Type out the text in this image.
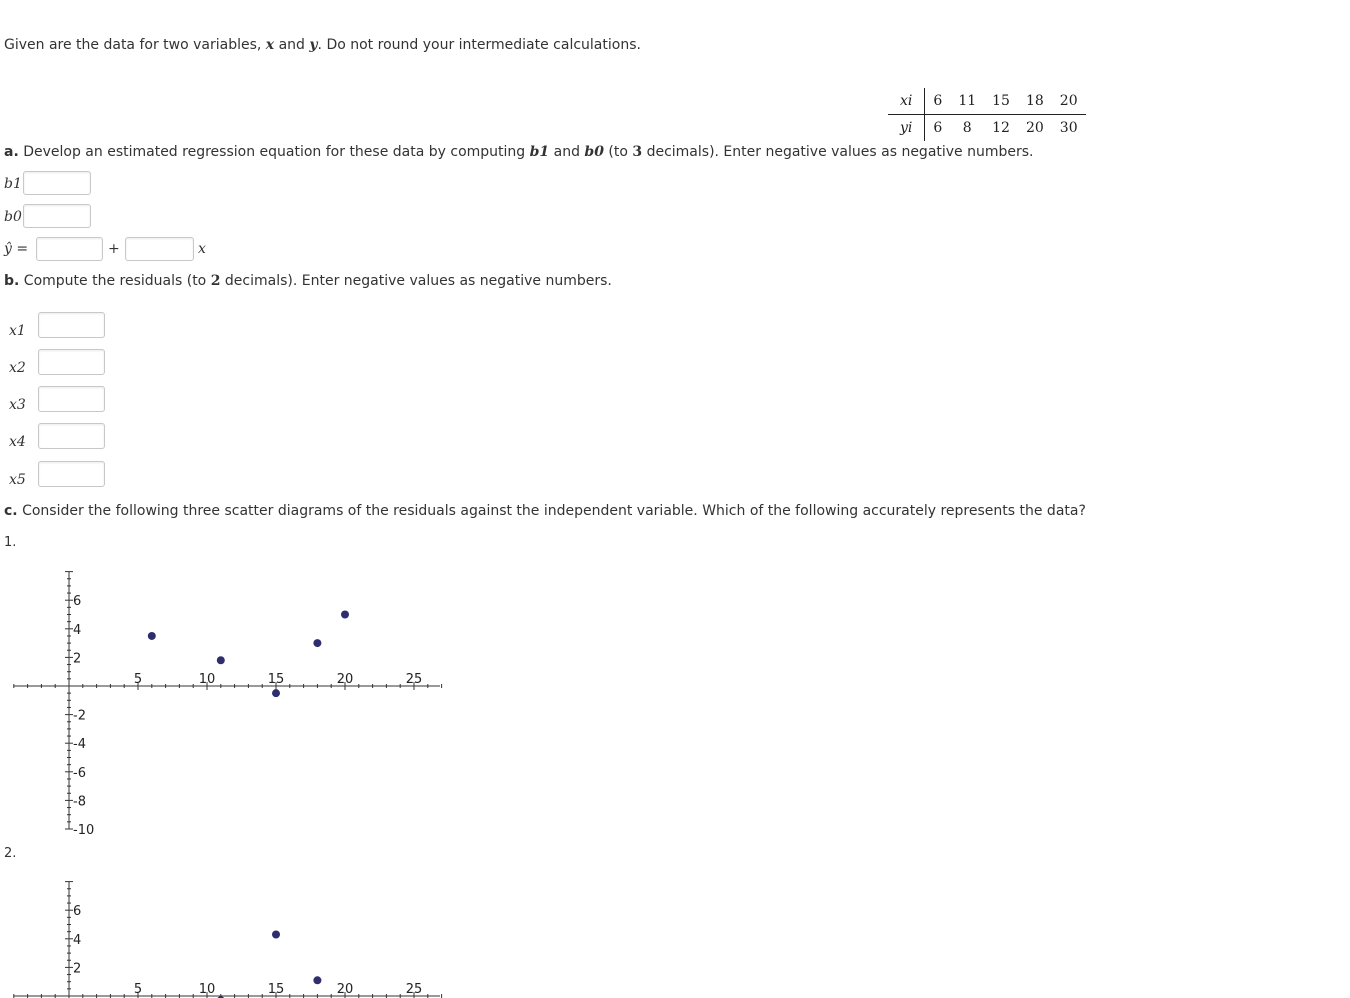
Given are the data for two variables, x and y. Do not round your intermediate calculations.
xi	6	11	15	18	20
yi	6	8	12	20	30
a. Develop an estimated regression equation for these data by computing b1 and b0 (to 3 decimals). Enter negative values as negative numbers.
b1
b0
ŷ =	+	x
b. Compute the residuals (to 2 decimals). Enter negative values as negative numbers.
x1
x2
x3
x4
x5
c. Consider the following three scatter diagrams of the residuals against the independent variable. Which of the following accurately represents the data?
1.
5	10	15	20	25
6
4
2
-2
-4
-6
-8
-10
2.
5	10	15	20	25
6
4
2
